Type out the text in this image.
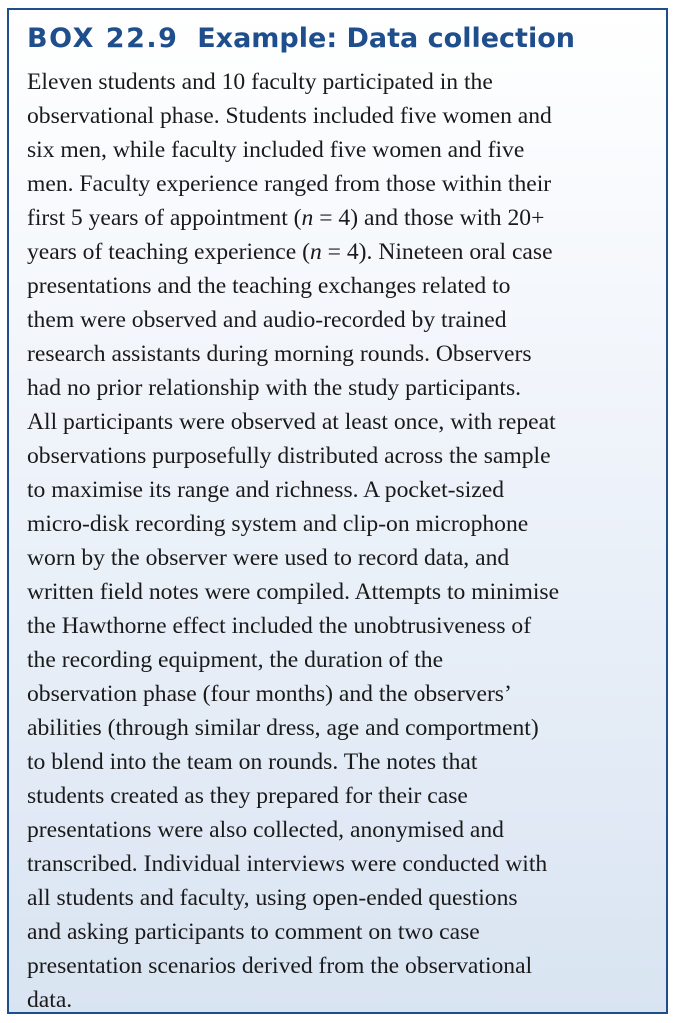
BOX 22.9 Example: Data collection
Eleven students and 10 faculty participated in the
observational phase. Students included five women and
six men, while faculty included five women and five
men. Faculty experience ranged from those within their
first 5 years of appointment (n = 4) and those with 20+
years of teaching experience (n = 4). Nineteen oral case
presentations and the teaching exchanges related to
them were observed and audio-recorded by trained
research assistants during morning rounds. Observers
had no prior relationship with the study participants.
All participants were observed at least once, with repeat
observations purposefully distributed across the sample
to maximise its range and richness. A pocket-sized
micro-disk recording system and clip-on microphone
worn by the observer were used to record data, and
written field notes were compiled. Attempts to minimise
the Hawthorne effect included the unobtrusiveness of
the recording equipment, the duration of the
observation phase (four months) and the observers’
abilities (through similar dress, age and comportment)
to blend into the team on rounds. The notes that
students created as they prepared for their case
presentations were also collected, anonymised and
transcribed. Individual interviews were conducted with
all students and faculty, using open-ended questions
and asking participants to comment on two case
presentation scenarios derived from the observational
data.
